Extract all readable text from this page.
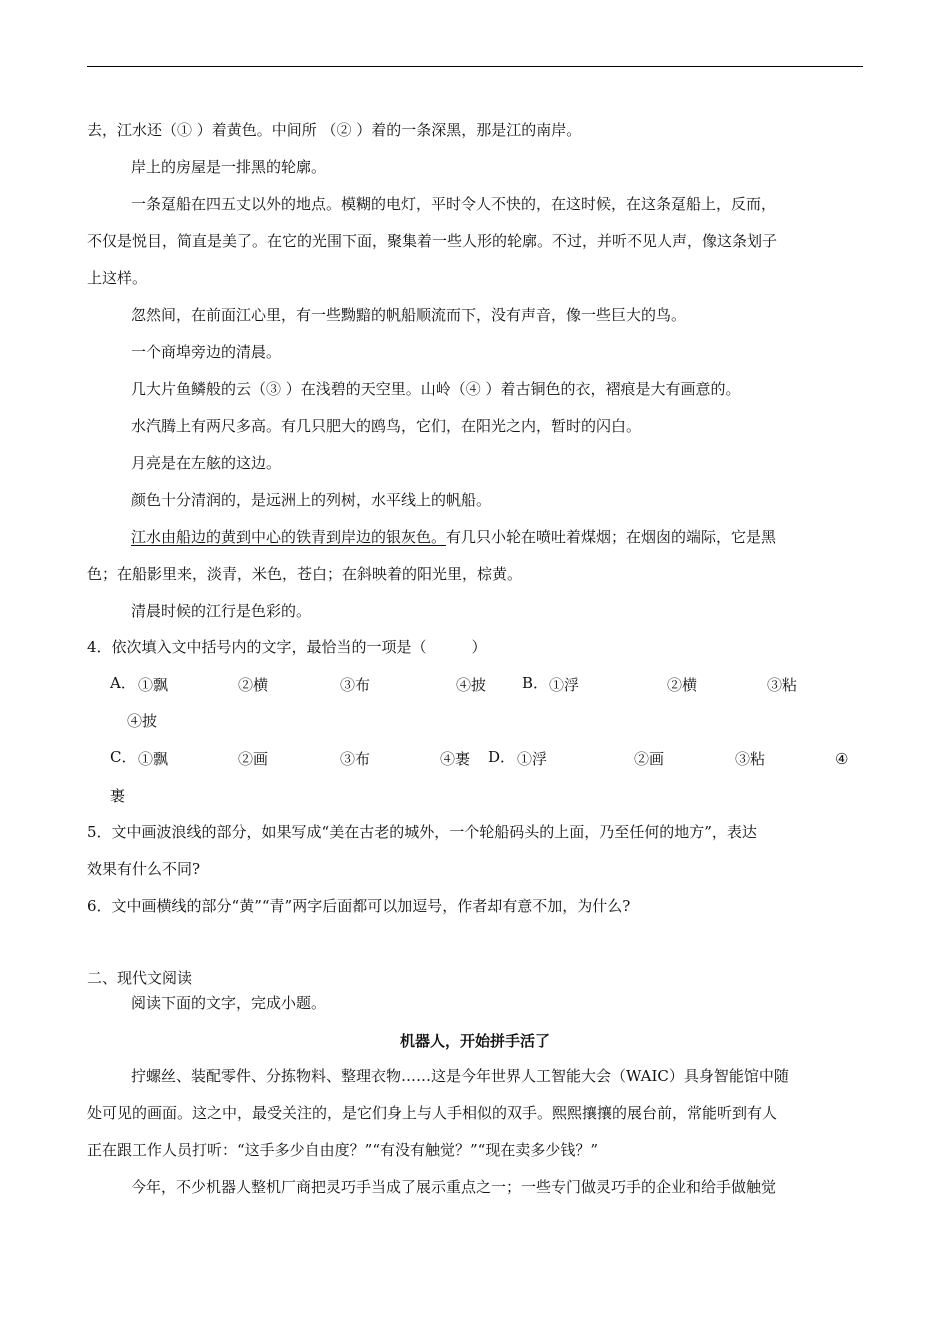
去，江水还（① ）着黄色。中间所 （② ）着的一条深黑，那是江的南岸。
岸上的房屋是一排黑的轮廓。
一条趸船在四五丈以外的地点。模糊的电灯，平时令人不快的，在这时候，在这条趸船上，反而，
不仅是悦目，简直是美了。在它的光围下面，聚集着一些人形的轮廓。不过，并听不见人声，像这条划子
上这样。
忽然间，在前面江心里，有一些黝黯的帆船顺流而下，没有声音，像一些巨大的鸟。
一个商埠旁边的清晨。
几大片鱼鳞般的云（③ ）在浅碧的天空里。山岭（④ ）着古铜色的衣，褶痕是大有画意的。
水汽腾上有两尺多高。有几只肥大的鸥鸟，它们，在阳光之内，暂时的闪白。
月亮是在左舷的这边。
颜色十分清润的，是远洲上的列树，水平线上的帆船。
江水由船边的黄到中心的铁青到岸边的银灰色。有几只小轮在喷吐着煤烟；在烟囱的端际，它是黑
色；在船影里来，淡青，米色，苍白；在斜映着的阳光里，棕黄。
清晨时候的江行是色彩的。
4．依次填入文中括号内的文字，最恰当的一项是（　　　）
A． ①飘	②横	③布	④披 B． ①浮	②横	③粘
④披
C． ①飘	②画	③布	④裹 D． ①浮	②画	③粘	④
裹
5．文中画波浪线的部分，如果写成“美在古老的城外，一个轮船码头的上面，乃至任何的地方”，表达
效果有什么不同?
6．文中画横线的部分“黄”“青”两字后面都可以加逗号，作者却有意不加，为什么?
二、现代文阅读
阅读下面的文字，完成小题。
机器人，开始拼手活了
拧螺丝、装配零件、分拣物料、整理衣物……这是今年世界人工智能大会（WAIC）具身智能馆中随
处可见的画面。这之中，最受关注的，是它们身上与人手相似的双手。熙熙攘攘的展台前，常能听到有人
正在跟工作人员打听：“这手多少自由度？”“有没有触觉？”“现在卖多少钱？”
今年，不少机器人整机厂商把灵巧手当成了展示重点之一；一些专门做灵巧手的企业和给手做触觉
